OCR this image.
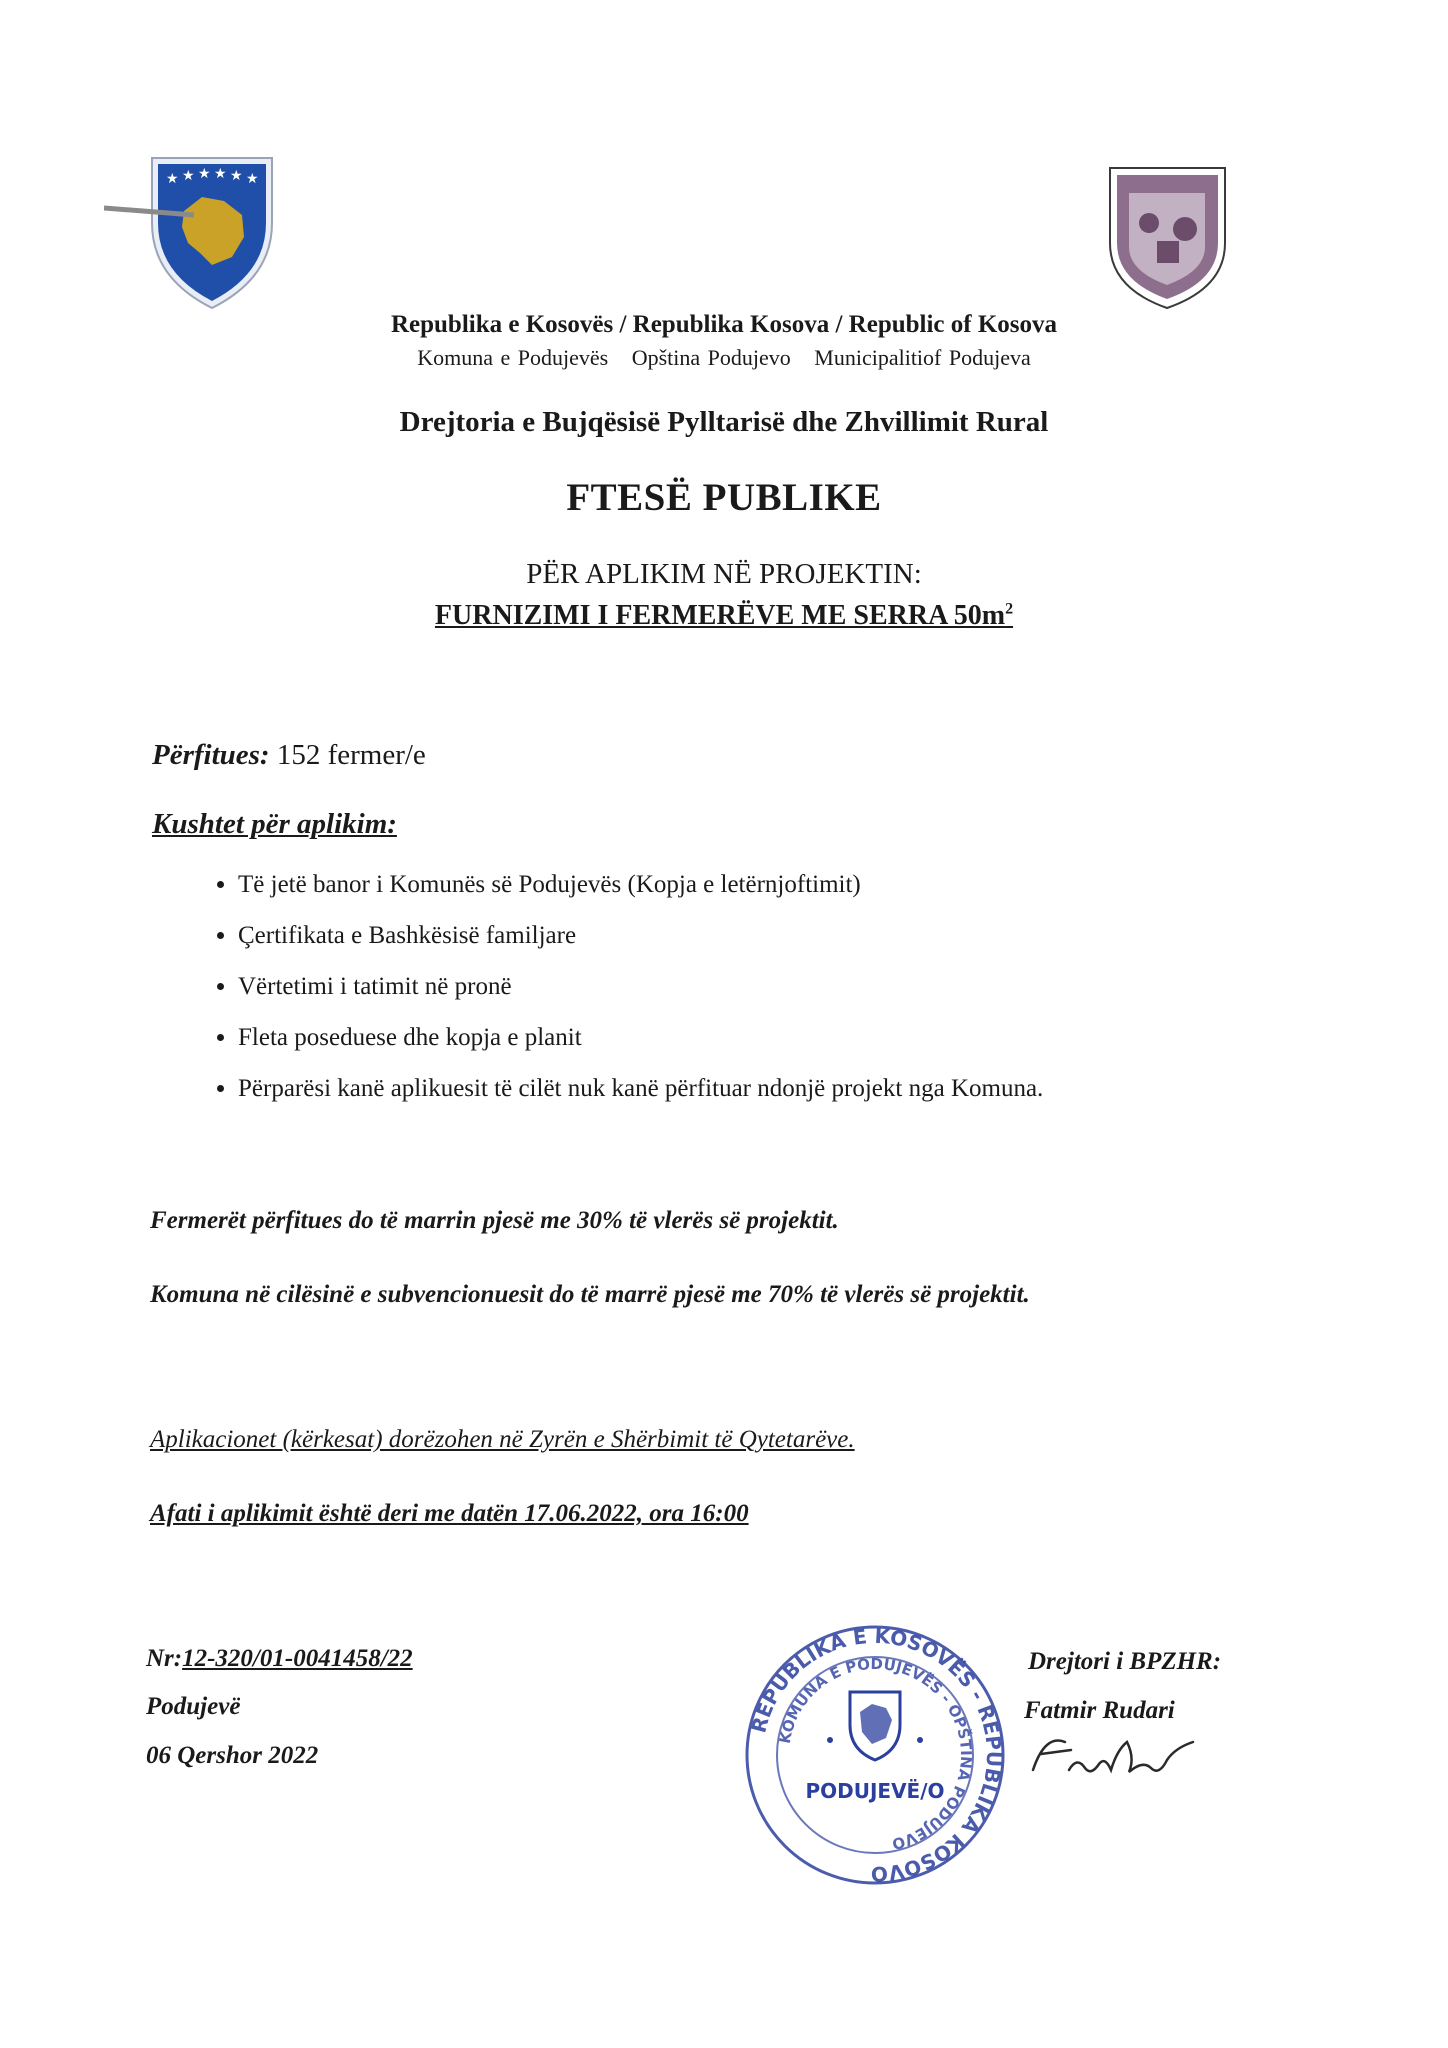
★ ★ ★ ★ ★ ★
Republika e Kosovës / Republika Kosova / Republic of Kosova
Komuna e Podujevës Opština Podujevo Municipalitiof Podujeva
Drejtoria e Bujqësisë Pylltarisë dhe Zhvillimit Rural
FTESË PUBLIKE
PËR APLIKIM NË PROJEKTIN:
FURNIZIMI I FERMERËVE ME SERRA $50m^2$
Përfitues: 152 fermer/e
Kushtet për aplikim:
• Të jetë banor i Komunës së Podujevës (Kopja e letërnjoftimit)
• Çertifikata e Bashkësisë familjare
• Vërtetimi i tatimit në pronë
• Fleta poseduese dhe kopja e planit
• Përparësi kanë aplikuesit të cilët nuk kanë përfituar ndonjë projekt nga Komuna.
Fermerët përfitues do të marrin pjesë me 30% të vlerës së projektit.
Komuna në cilësinë e subvencionuesit do të marrë pjesë me 70% të vlerës së projektit.
Aplikacionet (kërkesat) dorëzohen në Zyrën e Shërbimit të Qytetarëve.
Afati i aplikimit është deri me datën 17.06.2022, ora 16:00
Nr:12-320/01-0041458/22
Podujevë
06 Qershor 2022
REPUBLIKA E KOSOVËS - REPUBLIKA KOSOVO
KOMUNA E PODUJEVËS - OPŠTINA PODUJEVO
PODUJEVË/O
Drejtori i BPZHR:
Fatmir Rudari
